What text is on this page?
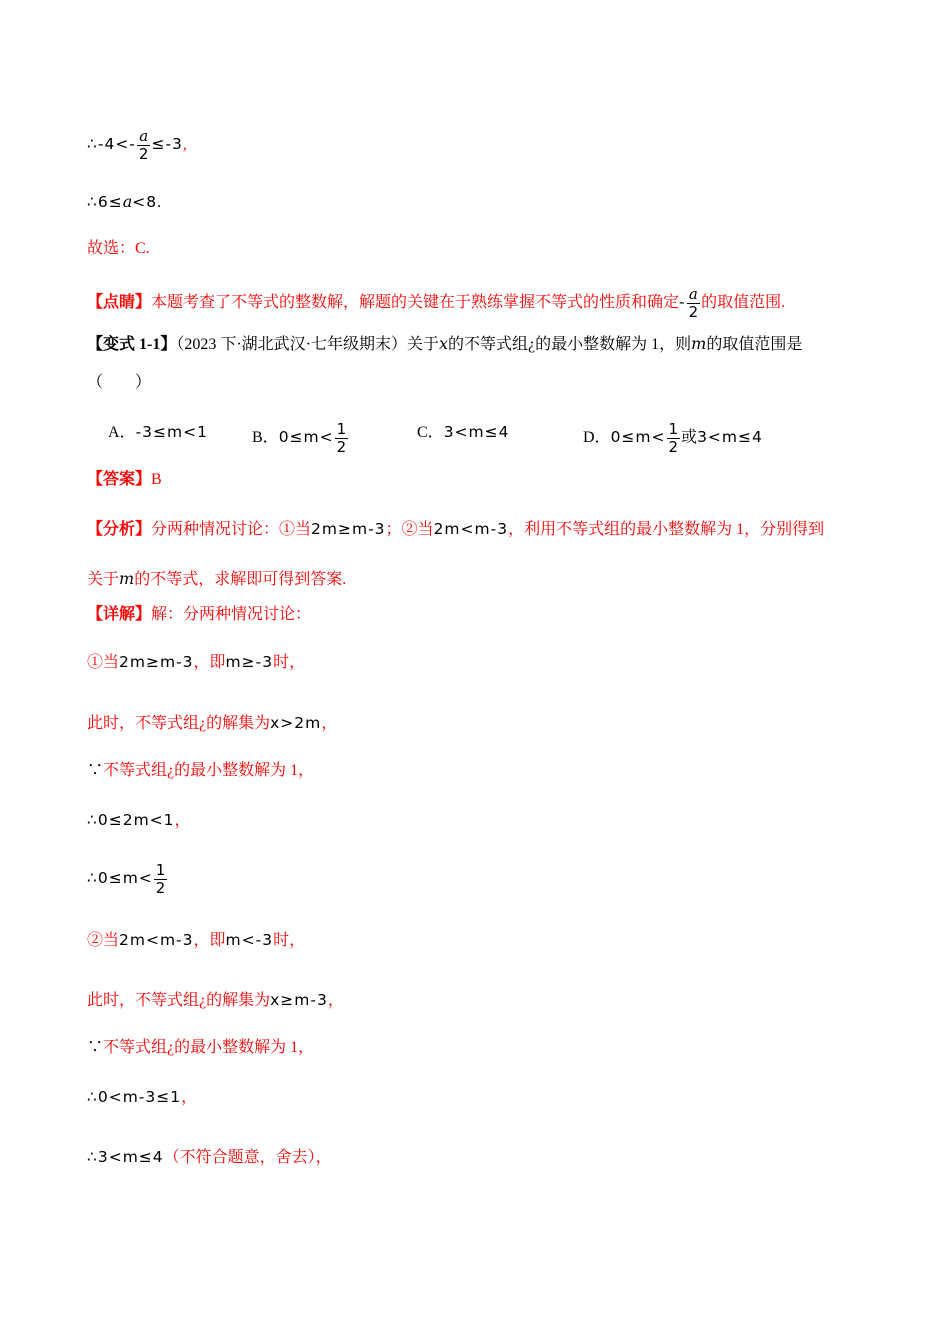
∴-4<- $\frac{a}{2} \le-3$,
∴6≤a<8.
故选：C.
【点睛】本题考查了不等式的整数解，解题的关键在于熟练掌握不等式的性质和确定- $\frac{a}{2}$ 的取值范围.
【变式 1-1】（2023 下·湖北武汉·七年级期末）关于x的不等式组¿的最小整数解为 1，则m的取值范围是
（　　）
A．-3≤m<1	B．$0\le m< \frac{1}{2}$	C．3<m≤4	D．$0\le m< \frac{1}{2}$ 或3<m≤4
【答案】B
【分析】分两种情况讨论：①当2m≥m-3；②当2m<m-3，利用不等式组的最小整数解为 1，分别得到
关于m的不等式，求解即可得到答案.
【详解】解：分两种情况讨论：
①当2m≥m-3，即m≥-3时，
此时，不等式组¿的解集为x>2m，
∵不等式组¿的最小整数解为 1，
∴0≤2m<1，
∴0≤m< $\frac{1}{2}$
②当2m<m-3，即m<-3时，
此时，不等式组¿的解集为x≥m-3，
∵不等式组¿的最小整数解为 1，
∴0<m-3≤1，
∴3<m≤4（不符合题意，舍去），
